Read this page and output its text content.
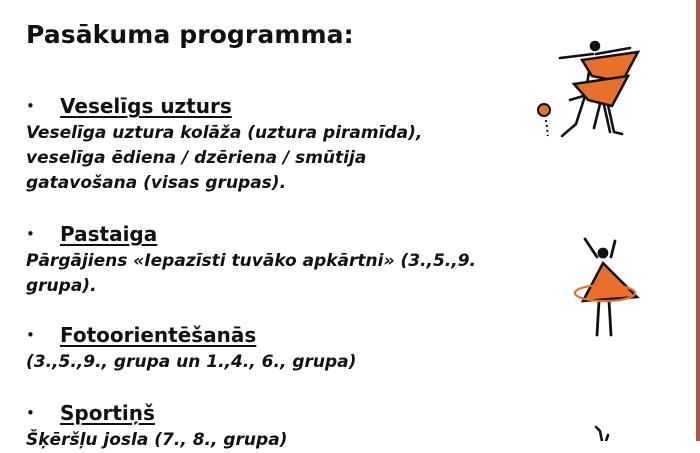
Pasākuma programma:
•	Veselīgs uzturs
Veselīga uztura kolāža (uztura piramīda),
veselīga ēdiena / dzēriena / smūtija
gatavošana (visas grupas).
•	Pastaiga
Pārgājiens «Iepazīsti tuvāko apkārtni» (3.,5.,9.
grupa).
•	Fotoorientēšanās
(3.,5.,9., grupa un 1.,4., 6., grupa)
•	Sportiņš
Šķēršļu josla (7., 8., grupa)
